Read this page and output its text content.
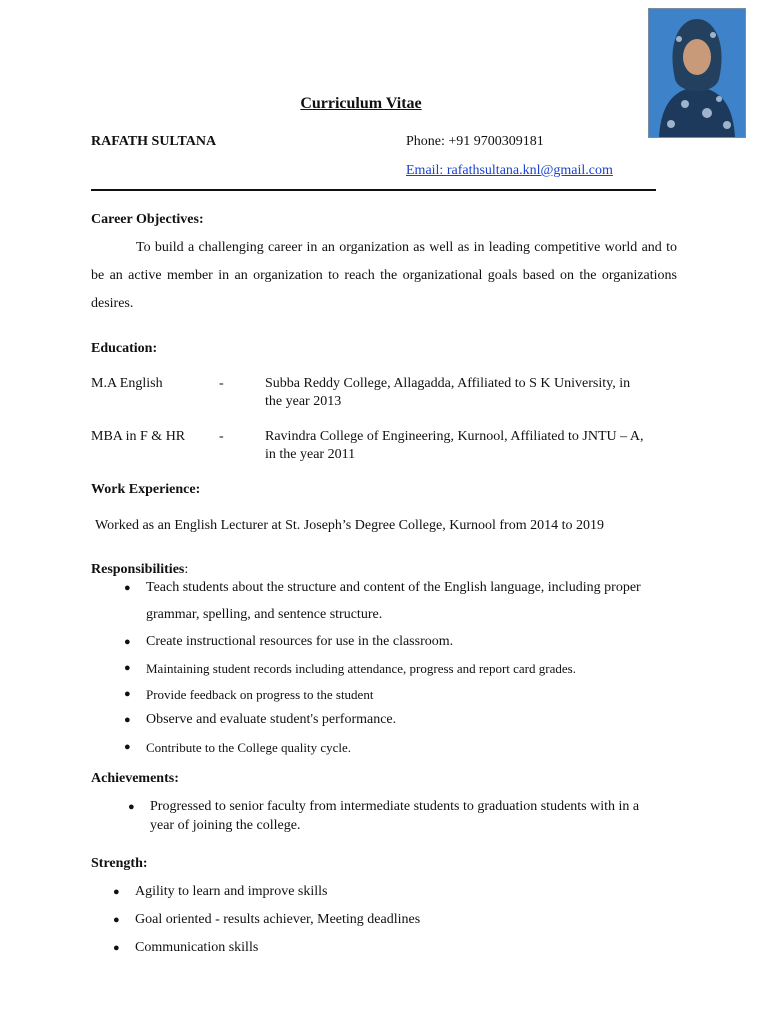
Curriculum Vitae
RAFATH SULTANA	Phone: +91 9700309181
Email: rafathsultana.knl@gmail.com
Career Objectives:
To build a challenging career in an organization as well as in leading competitive world and to be an active member in an organization to reach the organizational goals based on the organizations desires.
Education:
M.A English	-	Subba Reddy College, Allagadda, Affiliated to S K University, in
the year 2013
MBA in F & HR -	Ravindra College of Engineering, Kurnool, Affiliated to JNTU – A,
in the year 2011
Work Experience:
Worked as an English Lecturer at St. Joseph’s Degree College, Kurnool from 2014 to 2019
Responsibilities:
● Teach students about the structure and content of the English language, including proper
grammar, spelling, and sentence structure.
● Create instructional resources for use in the classroom.
● Maintaining student records including attendance, progress and report card grades.
● Provide feedback on progress to the student
● Observe and evaluate student's performance.
● Contribute to the College quality cycle.
Achievements:
● Progressed to senior faculty from intermediate students to graduation students with in a
year of joining the college.
Strength:
● Agility to learn and improve skills
● Goal oriented - results achiever, Meeting deadlines
● Communication skills
